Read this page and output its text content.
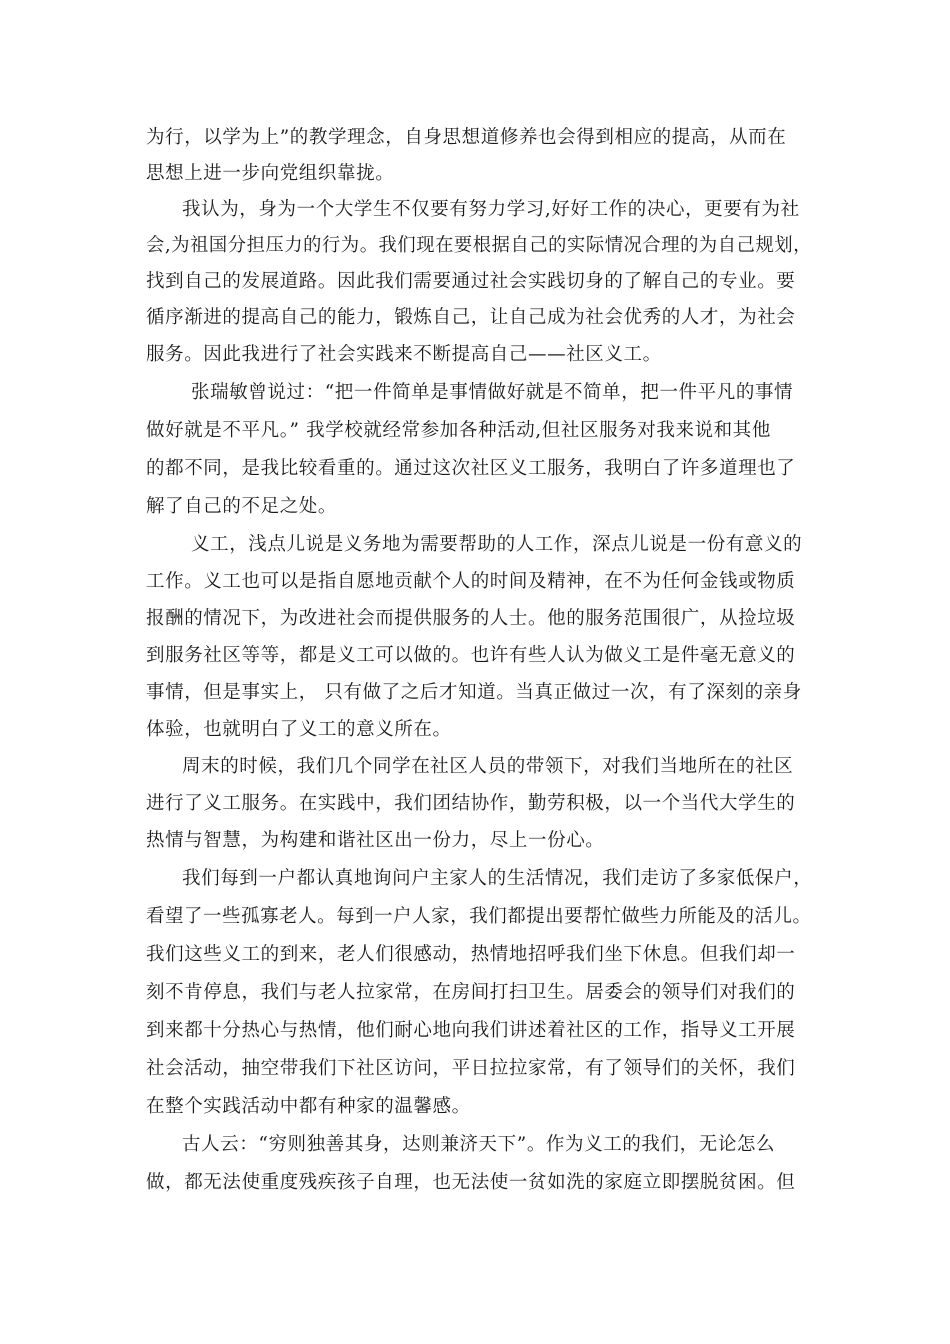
为行，以学为上”的教学理念，自身思想道修养也会得到相应的提高，从而在
思想上进一步向党组织靠拢。
我认为，身为一个大学生不仅要有努力学习,好好工作的决心，更要有为社
会,为祖国分担压力的行为。我们现在要根据自己的实际情况合理的为自己规划，
找到自己的发展道路。因此我们需要通过社会实践切身的了解自己的专业。要
循序渐进的提高自己的能力，锻炼自己，让自己成为社会优秀的人才，为社会
服务。因此我进行了社会实践来不断提高自己——社区义工。
张瑞敏曾说过：“把一件简单是事情做好就是不简单，把一件平凡的事情
做好就是不平凡。” 我学校就经常参加各种活动,但社区服务对我来说和其他
的都不同，是我比较看重的。通过这次社区义工服务，我明白了许多道理也了
解了自己的不足之处。
义工，浅点儿说是义务地为需要帮助的人工作，深点儿说是一份有意义的
工作。义工也可以是指自愿地贡献个人的时间及精神，在不为任何金钱或物质
报酬的情况下，为改进社会而提供服务的人士。他的服务范围很广，从捡垃圾
到服务社区等等，都是义工可以做的。也许有些人认为做义工是件毫无意义的
事情，但是事实上， 只有做了之后才知道。当真正做过一次，有了深刻的亲身
体验，也就明白了义工的意义所在。
周末的时候，我们几个同学在社区人员的带领下，对我们当地所在的社区
进行了义工服务。在实践中，我们团结协作，勤劳积极，以一个当代大学生的
热情与智慧，为构建和谐社区出一份力，尽上一份心。
我们每到一户都认真地询问户主家人的生活情况，我们走访了多家低保户，
看望了一些孤寡老人。每到一户人家，我们都提出要帮忙做些力所能及的活儿。
我们这些义工的到来，老人们很感动，热情地招呼我们坐下休息。但我们却一
刻不肯停息，我们与老人拉家常，在房间打扫卫生。居委会的领导们对我们的
到来都十分热心与热情，他们耐心地向我们讲述着社区的工作，指导义工开展
社会活动，抽空带我们下社区访问，平日拉拉家常，有了领导们的关怀，我们
在整个实践活动中都有种家的温馨感。
古人云：“穷则独善其身，达则兼济天下”。作为义工的我们，无论怎么
做，都无法使重度残疾孩子自理，也无法使一贫如洗的家庭立即摆脱贫困。但
